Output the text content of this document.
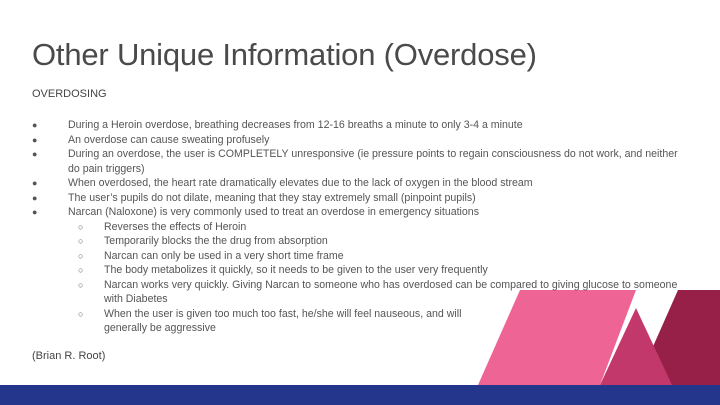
Other Unique Information (Overdose)
OVERDOSING
●	During a Heroin overdose, breathing decreases from 12-16 breaths a minute to only 3-4 a minute
●	An overdose can cause sweating profusely
●	During an overdose, the user is COMPLETELY unresponsive (ie pressure points to regain consciousness do not work, and neither do pain triggers)
●	When overdosed, the heart rate dramatically elevates due to the lack of oxygen in the blood stream
●	The user’s pupils do not dilate, meaning that they stay extremely small (pinpoint pupils)
●	Narcan (Naloxone) is very commonly used to treat an overdose in emergency situations
○	Reverses the effects of Heroin
○	Temporarily blocks the the drug from absorption
○	Narcan can only be used in a very short time frame
○	The body metabolizes it quickly, so it needs to be given to the user very frequently
○	Narcan works very quickly. Giving Narcan to someone who has overdosed can be compared to giving glucose to someone with Diabetes
○	When the user is given too much too fast, he/she will feel nauseous, and will generally be aggressive
(Brian R. Root)
